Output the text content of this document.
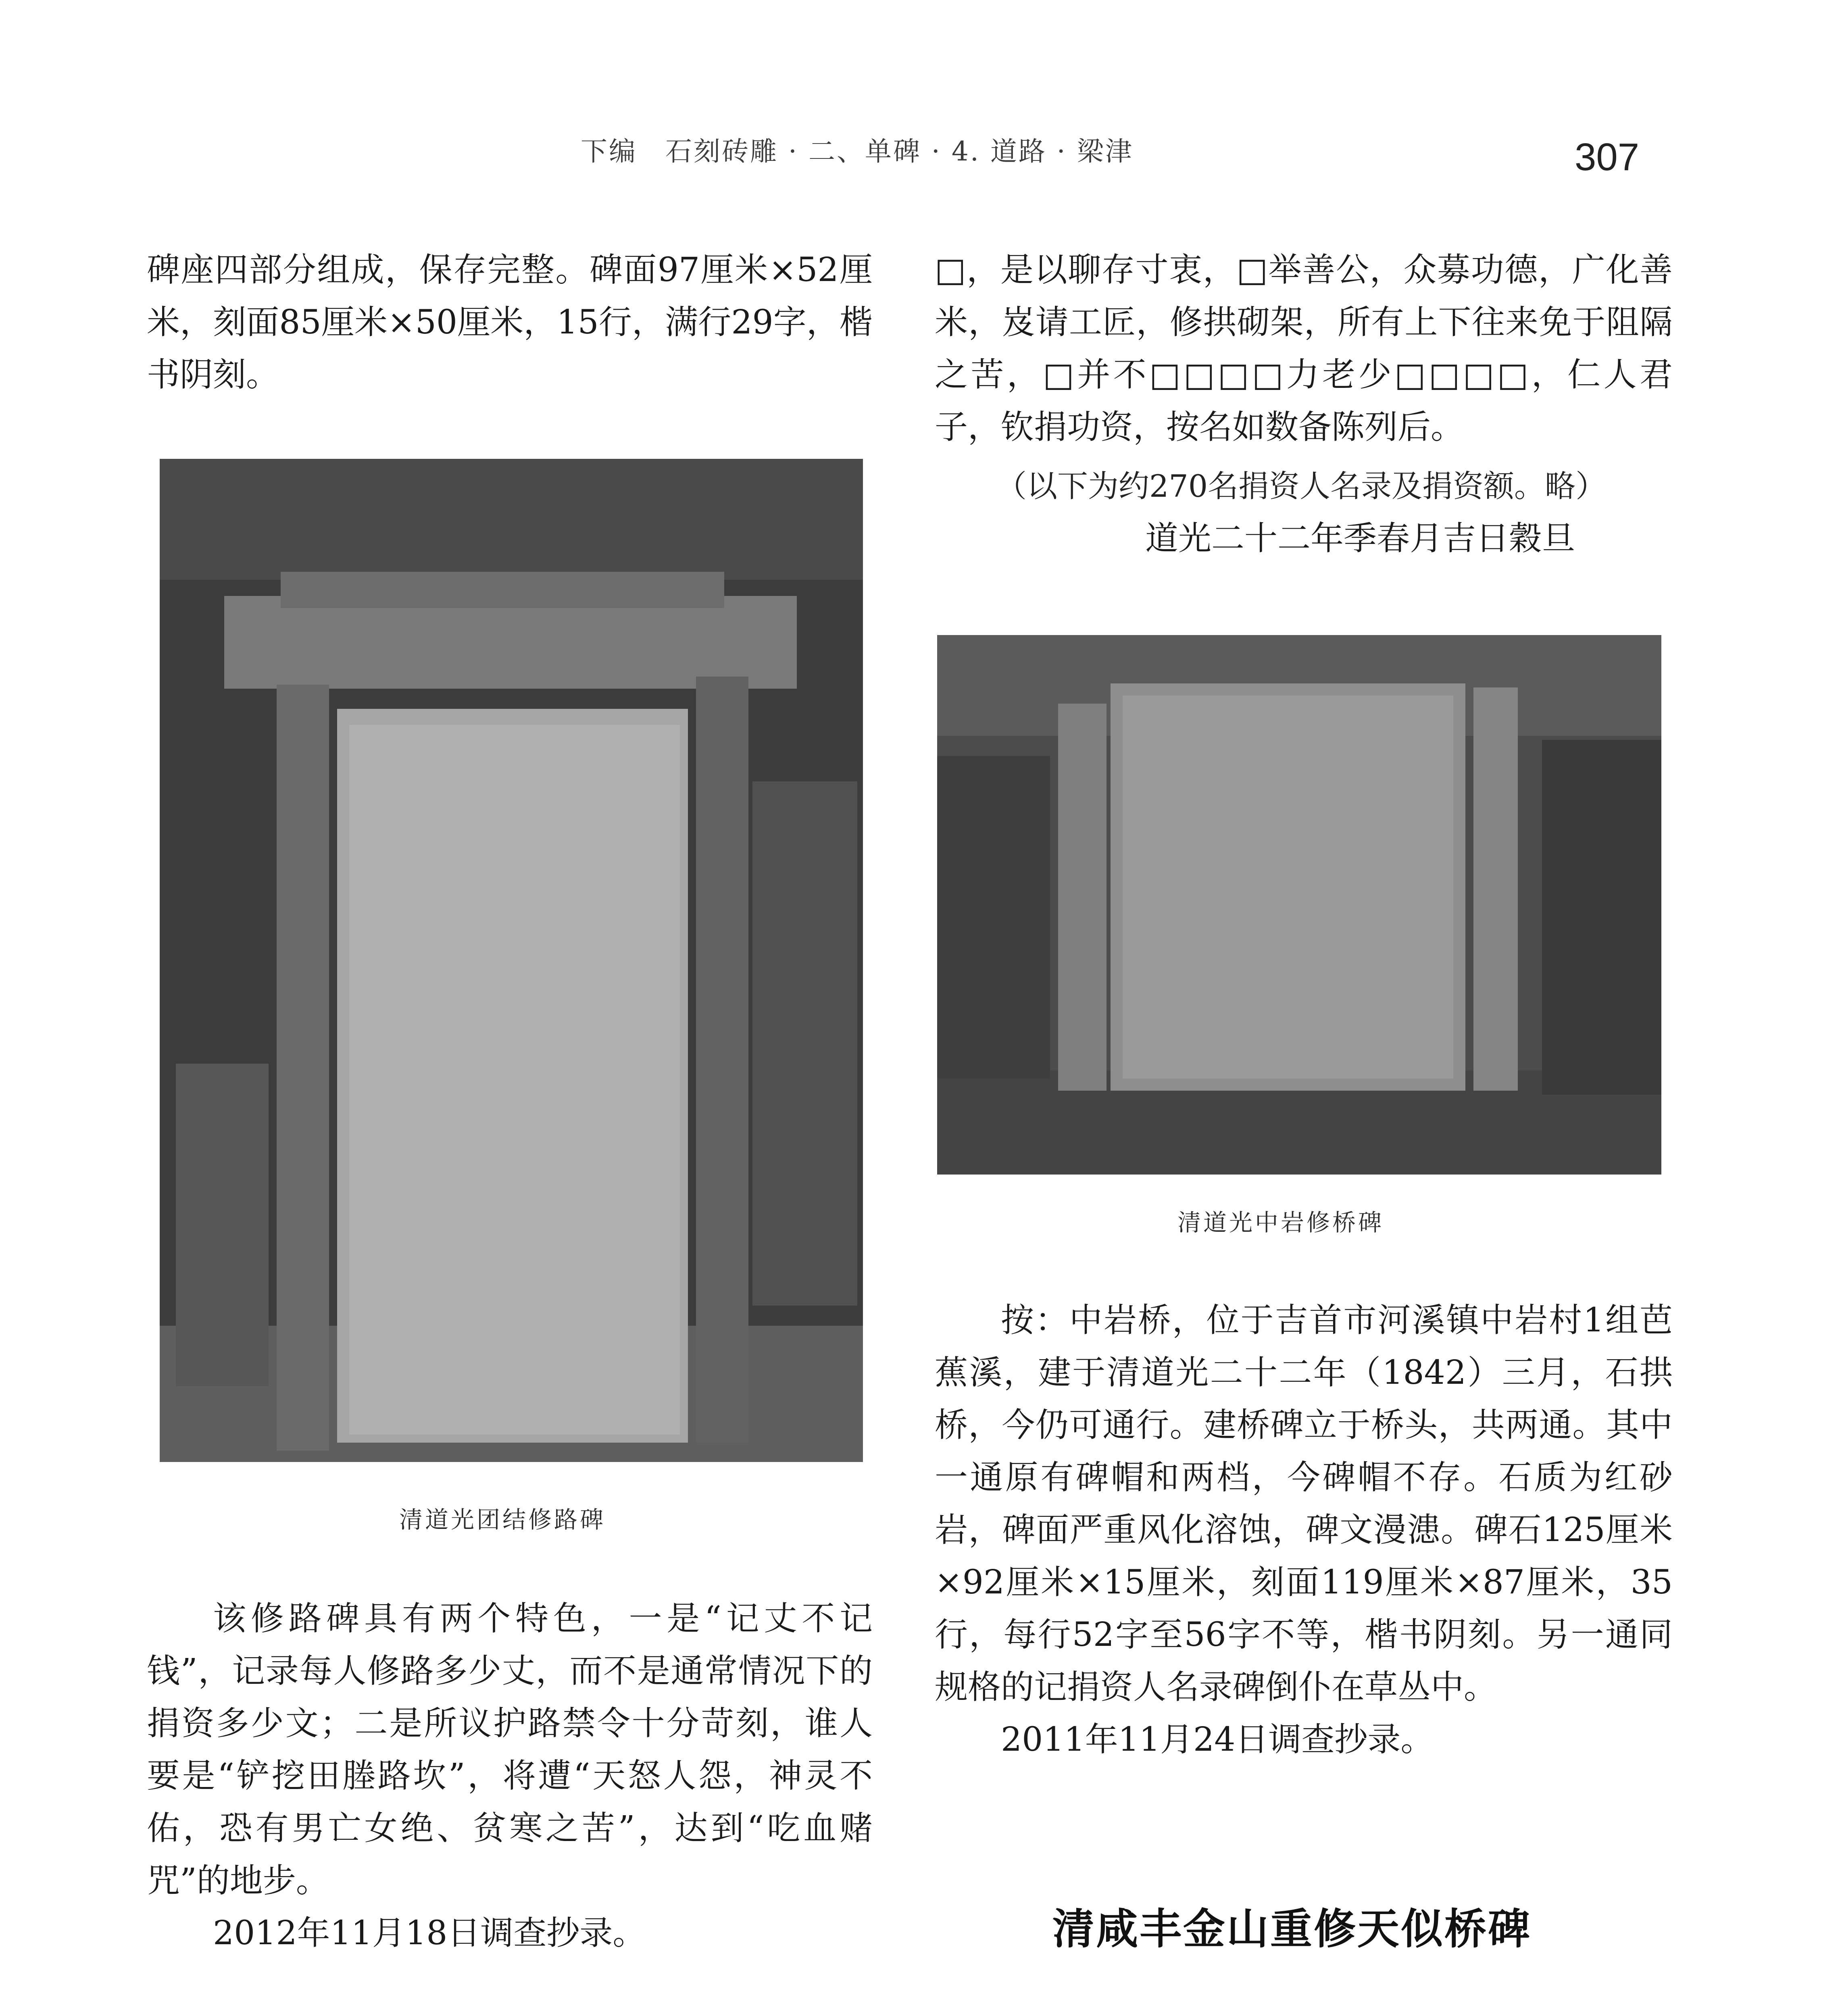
下编　石刻砖雕 · 二、单碑 · 4. 道路 · 梁津	307

碑座四部分组成，保存完整。碑面97厘米×52厘米，刻面85厘米×50厘米，15行，满行29字，楷书阴刻。

清道光团结修路碑

该修路碑具有两个特色，一是“记丈不记钱”，记录每人修路多少丈，而不是通常情况下的捐资多少文；二是所议护路禁令十分苛刻，谁人要是“铲挖田塍路坎”，将遭“天怒人怨，神灵不佑，恐有男亡女绝、贫寒之苦”，达到“吃血赌咒”的地步。

2012年11月18日调查抄录。

□，是以聊存寸衷，□举善公，众募功德，广化善米，岌请工匠，修拱砌架，所有上下往来免于阻隔之苦，□并不□□□□力老少□□□□，仁人君子，钦捐功资，按名如数备陈列后。

（以下为约270名捐资人名录及捐资额。略）
道光二十二年季春月吉日穀旦
清道光中岩修桥碑

按：中岩桥，位于吉首市河溪镇中岩村1组芭蕉溪，建于清道光二十二年（1842）三月，石拱桥，今仍可通行。建桥碑立于桥头，共两通。其中一通原有碑帽和两档，今碑帽不存。石质为红砂岩，碑面严重风化溶蚀，碑文漫漶。碑石125厘米×92厘米×15厘米，刻面119厘米×87厘米，35行，每行52字至56字不等，楷书阴刻。另一通同规格的记捐资人名录碑倒仆在草丛中。

2011年11月24日调查抄录。

清咸丰金山重修天似桥碑
